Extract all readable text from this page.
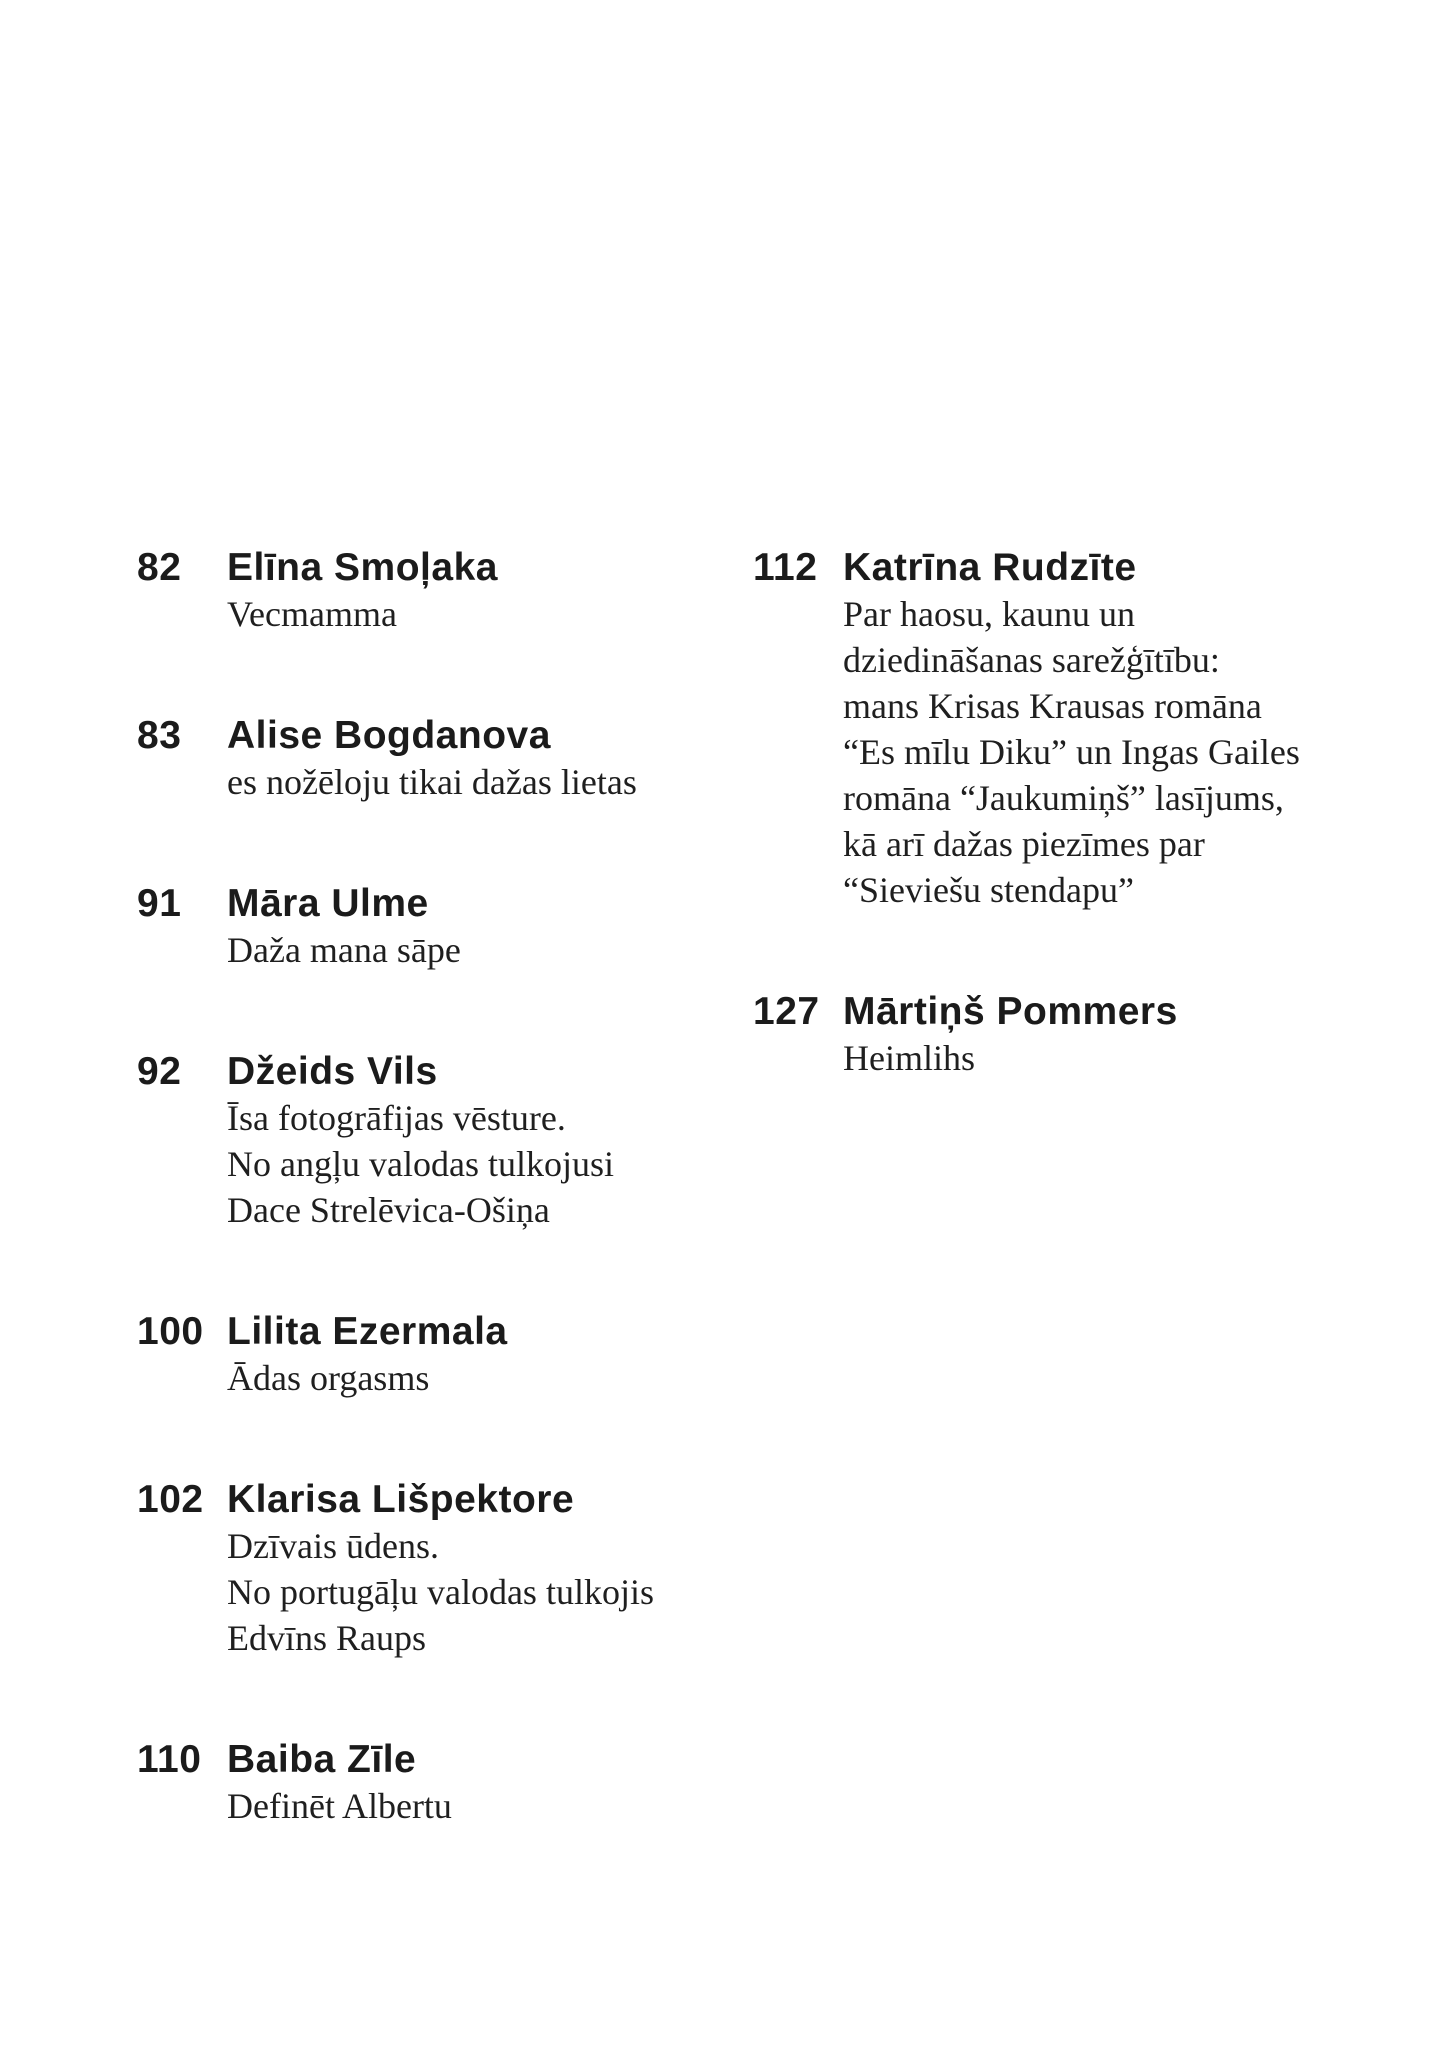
82	Elīna Smoļaka
Vecmamma
83	Alise Bogdanova
es nožēloju tikai dažas lietas
91	Māra Ulme
Daža mana sāpe
92	Džeids Vils
Īsa fotogrāfijas vēsture.
No angļu valodas tulkojusi
Dace Strelēvica-Ošiņa
100 Lilita Ezermala
Ādas orgasms
102 Klarisa Lišpektore
Dzīvais ūdens.
No portugāļu valodas tulkojis
Edvīns Raups
110 Baiba Zīle
Definēt Albertu
112 Katrīna Rudzīte
Par haosu, kaunu un
dziedināšanas sarežģītību:
mans Krisas Krausas romāna
“Es mīlu Diku” un Ingas Gailes
romāna “Jaukumiņš” lasījums,
kā arī dažas piezīmes par
“Sieviešu stendapu”
127 Mārtiņš Pommers
Heimlihs
